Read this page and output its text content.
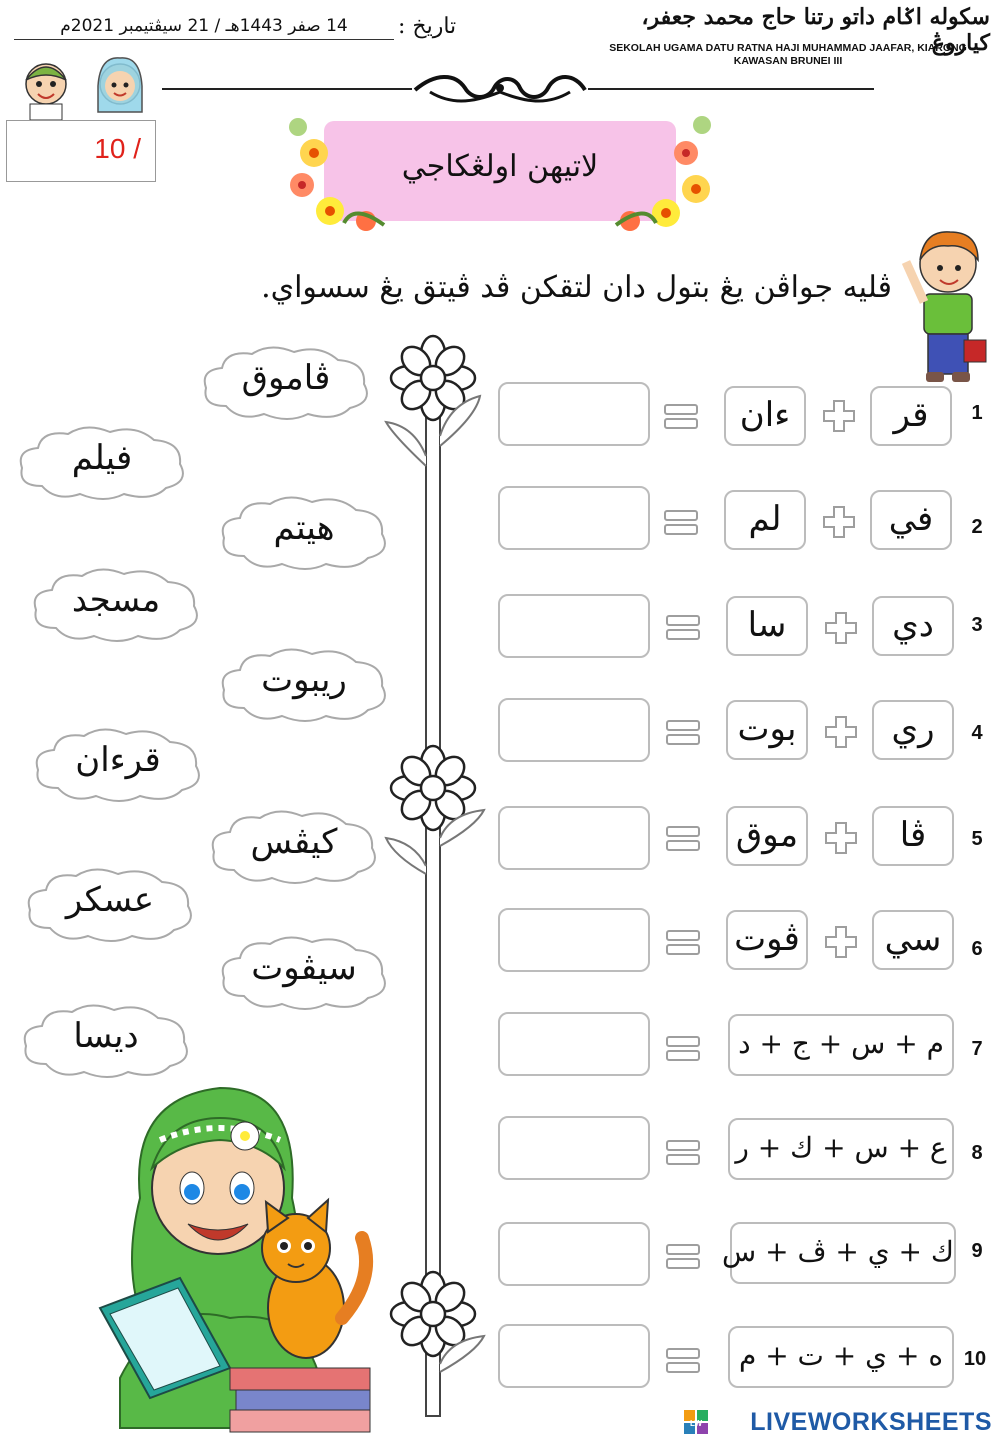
سکوله اݢام داتو رتنا حاج محمد جعفر، كياروڠ
SEKOLAH UGAMA DATU RATNA HAJI MUHAMMAD JAAFAR, KIARONG
KAWASAN BRUNEI III
تاريخ :
14 صفر 1443هـ / 21 سيڤتيمبر 2021م
10 /
لاتيهن اولڠكاجي
ڤليه جواڤن يڠ بتول دان لتقكن ڤد ڤيتق يڠ سسواي.
ڤاموق
فيلم
هيتم
مسجد
ريبوت
قرءان
كيڤس
عسكر
سيڤوت
ديسا
1
قر
ءان
2
في
لم
3
دي
سا
4
ري
بوت
5
ڤا
موق
6
سي
ڤوت
7
م + س + ج + د
8
ع + س + ك + ر
9
ك + ي + ڤ + س
10
ه + ي + ت + م
LW LIVEWORKSHEETS
